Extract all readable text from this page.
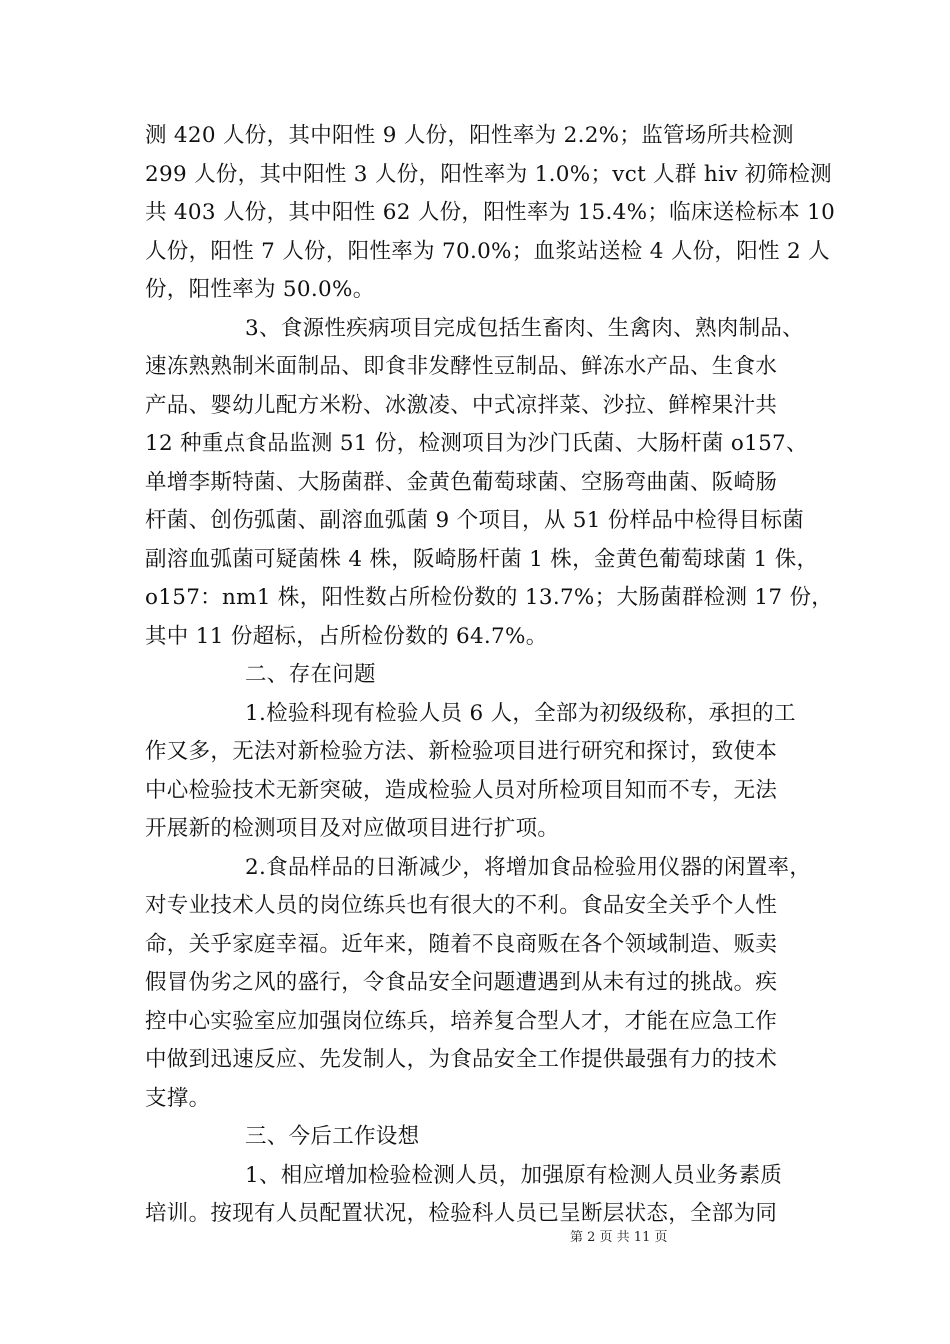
测 420 人份，其中阳性 9 人份，阳性率为 2.2%；监管场所共检测
299 人份，其中阳性 3 人份，阳性率为 1.0%；vct 人群 hiv 初筛检测
共 403 人份，其中阳性 62 人份，阳性率为 15.4%；临床送检标本 10
人份，阳性 7 人份，阳性率为 70.0%；血浆站送检 4 人份，阳性 2 人
份，阳性率为 50.0%。
3、食源性疾病项目完成包括生畜肉、生禽肉、熟肉制品、
速冻熟熟制米面制品、即食非发酵性豆制品、鲜冻水产品、生食水
产品、婴幼儿配方米粉、冰激凌、中式凉拌菜、沙拉、鲜榨果汁共
12 种重点食品监测 51 份，检测项目为沙门氏菌、大肠杆菌 o157、
单增李斯特菌、大肠菌群、金黄色葡萄球菌、空肠弯曲菌、阪崎肠
杆菌、创伤弧菌、副溶血弧菌 9 个项目，从 51 份样品中检得目标菌
副溶血弧菌可疑菌株 4 株，阪崎肠杆菌 1 株，金黄色葡萄球菌 1 侏，
o157：nm1 株，阳性数占所检份数的 13.7%；大肠菌群检测 17 份，
其中 11 份超标，占所检份数的 64.7%。
二、存在问题
1.检验科现有检验人员 6 人，全部为初级级称，承担的工
作又多，无法对新检验方法、新检验项目进行研究和探讨，致使本
中心检验技术无新突破，造成检验人员对所检项目知而不专，无法
开展新的检测项目及对应做项目进行扩项。
2.食品样品的日渐减少，将增加食品检验用仪器的闲置率，
对专业技术人员的岗位练兵也有很大的不利。食品安全关乎个人性
命，关乎家庭幸福。近年来，随着不良商贩在各个领域制造、贩卖
假冒伪劣之风的盛行，令食品安全问题遭遇到从未有过的挑战。疾
控中心实验室应加强岗位练兵，培养复合型人才，才能在应急工作
中做到迅速反应、先发制人，为食品安全工作提供最强有力的技术
支撑。
三、今后工作设想
1、相应增加检验检测人员，加强原有检测人员业务素质
培训。按现有人员配置状况，检验科人员已呈断层状态，全部为同
第 2 页 共 11 页
